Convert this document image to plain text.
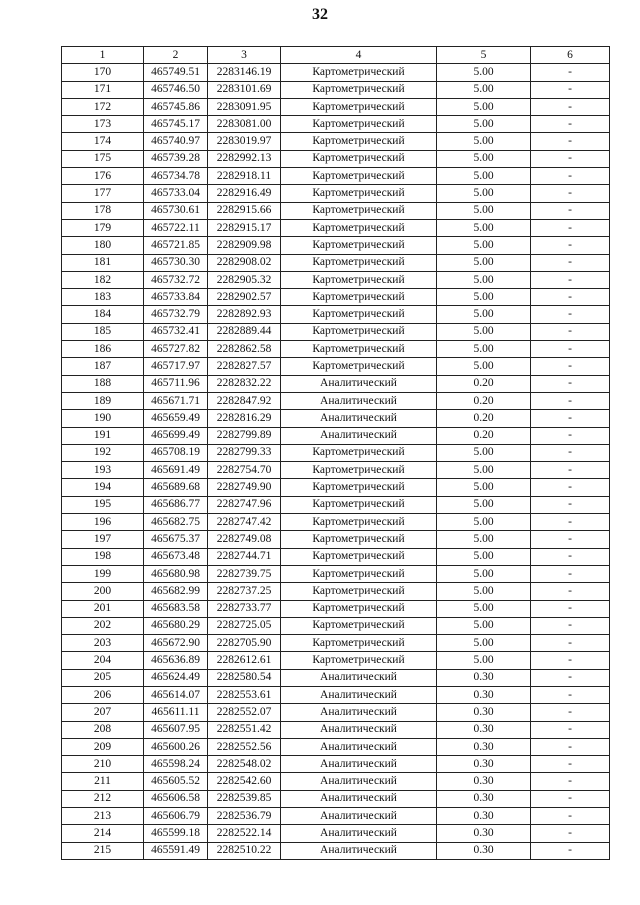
32
1	2	3	4	5	6
170	465749.51	2283146.19	Картометрический	5.00	-
171	465746.50	2283101.69	Картометрический	5.00	-
172	465745.86	2283091.95	Картометрический	5.00	-
173	465745.17	2283081.00	Картометрический	5.00	-
174	465740.97	2283019.97	Картометрический	5.00	-
175	465739.28	2282992.13	Картометрический	5.00	-
176	465734.78	2282918.11	Картометрический	5.00	-
177	465733.04	2282916.49	Картометрический	5.00	-
178	465730.61	2282915.66	Картометрический	5.00	-
179	465722.11	2282915.17	Картометрический	5.00	-
180	465721.85	2282909.98	Картометрический	5.00	-
181	465730.30	2282908.02	Картометрический	5.00	-
182	465732.72	2282905.32	Картометрический	5.00	-
183	465733.84	2282902.57	Картометрический	5.00	-
184	465732.79	2282892.93	Картометрический	5.00	-
185	465732.41	2282889.44	Картометрический	5.00	-
186	465727.82	2282862.58	Картометрический	5.00	-
187	465717.97	2282827.57	Картометрический	5.00	-
188	465711.96	2282832.22	Аналитический	0.20	-
189	465671.71	2282847.92	Аналитический	0.20	-
190	465659.49	2282816.29	Аналитический	0.20	-
191	465699.49	2282799.89	Аналитический	0.20	-
192	465708.19	2282799.33	Картометрический	5.00	-
193	465691.49	2282754.70	Картометрический	5.00	-
194	465689.68	2282749.90	Картометрический	5.00	-
195	465686.77	2282747.96	Картометрический	5.00	-
196	465682.75	2282747.42	Картометрический	5.00	-
197	465675.37	2282749.08	Картометрический	5.00	-
198	465673.48	2282744.71	Картометрический	5.00	-
199	465680.98	2282739.75	Картометрический	5.00	-
200	465682.99	2282737.25	Картометрический	5.00	-
201	465683.58	2282733.77	Картометрический	5.00	-
202	465680.29	2282725.05	Картометрический	5.00	-
203	465672.90	2282705.90	Картометрический	5.00	-
204	465636.89	2282612.61	Картометрический	5.00	-
205	465624.49	2282580.54	Аналитический	0.30	-
206	465614.07	2282553.61	Аналитический	0.30	-
207	465611.11	2282552.07	Аналитический	0.30	-
208	465607.95	2282551.42	Аналитический	0.30	-
209	465600.26	2282552.56	Аналитический	0.30	-
210	465598.24	2282548.02	Аналитический	0.30	-
211	465605.52	2282542.60	Аналитический	0.30	-
212	465606.58	2282539.85	Аналитический	0.30	-
213	465606.79	2282536.79	Аналитический	0.30	-
214	465599.18	2282522.14	Аналитический	0.30	-
215	465591.49	2282510.22	Аналитический	0.30	-
